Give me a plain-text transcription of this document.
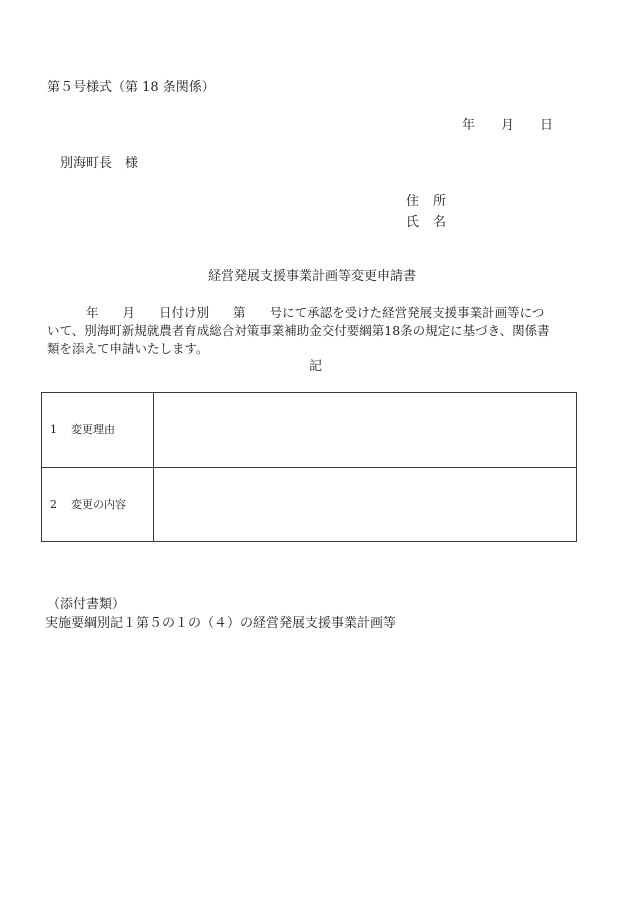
第５号様式（第 18 条関係）
年 月 日
別海町長　様
住 所
氏 名
経営発展支援事業計画等変更申請書
年 月 日付け別 第 号にて承認を受けた経営発展支援事業計画等につ
いて、別海町新規就農者育成総合対策事業補助金交付要綱第18条の規定に基づき、関係書
類を添えて申請いたします。
記
1 変更理由	
2 変更の内容	
（添付書類）
実施要綱別記１第５の１の（４）の経営発展支援事業計画等
